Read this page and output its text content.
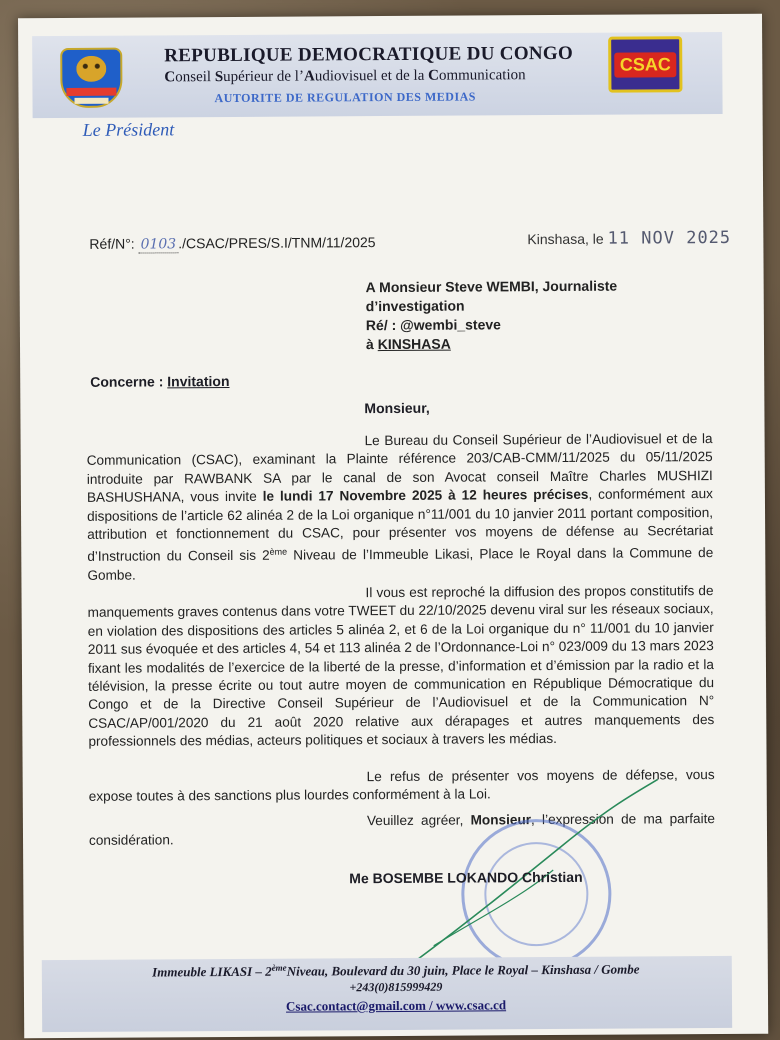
REPUBLIQUE DEMOCRATIQUE DU CONGO
Conseil Supérieur de l’Audiovisuel et de la Communication
AUTORITE DE REGULATION DES MEDIAS
CSAC
Le Président
Réf/N°: 0103 ./CSAC/PRES/S.I/TNM/11/2025	Kinshasa, le 11 NOV 2025
A Monsieur Steve WEMBI, Journaliste d’investigation
Ré/ : @wembi_steve
à KINSHASA
Concerne : Invitation
Monsieur,
Le Bureau du Conseil Supérieur de l’Audiovisuel et de la Communication (CSAC), examinant la Plainte référence 203/CAB-CMM/11/2025 du 05/11/2025 introduite par RAWBANK SA par le canal de son Avocat conseil Maître Charles MUSHIZI BASHUSHANA, vous invite le lundi 17 Novembre 2025 à 12 heures précises, conformément aux dispositions de l’article 62 alinéa 2 de la Loi organique n°11/001 du 10 janvier 2011 portant composition, attribution et fonctionnement du CSAC, pour présenter vos moyens de défense au Secrétariat d’Instruction du Conseil sis 2ème Niveau de l’Immeuble Likasi, Place le Royal dans la Commune de Gombe.
Il vous est reproché la diffusion des propos constitutifs de manquements graves contenus dans votre TWEET du 22/10/2025 devenu viral sur les réseaux sociaux, en violation des dispositions des articles 5 alinéa 2, et 6 de la Loi organique du n° 11/001 du 10 janvier 2011 sus évoquée et des articles 4, 54 et 113 alinéa 2 de l’Ordonnance-Loi n° 023/009 du 13 mars 2023 fixant les modalités de l’exercice de la liberté de la presse, d’information et d’émission par la radio et la télévision, la presse écrite ou tout autre moyen de communication en République Démocratique du Congo et de la Directive Conseil Supérieur de l’Audiovisuel et de la Communication N° CSAC/AP/001/2020 du 21 août 2020 relative aux dérapages et autres manquements des professionnels des médias, acteurs politiques et sociaux à travers les médias.
Le refus de présenter vos moyens de défense, vous expose toutes à des sanctions plus lourdes conformément à la Loi.
Veuillez agréer, Monsieur, l’expression de ma parfaite considération.
Me BOSEMBE LOKANDO Christian
Immeuble LIKASI – 2èmeNiveau, Boulevard du 30 juin, Place le Royal – Kinshasa / Gombe
+243(0)815999429
Csac.contact@gmail.com / www.csac.cd
